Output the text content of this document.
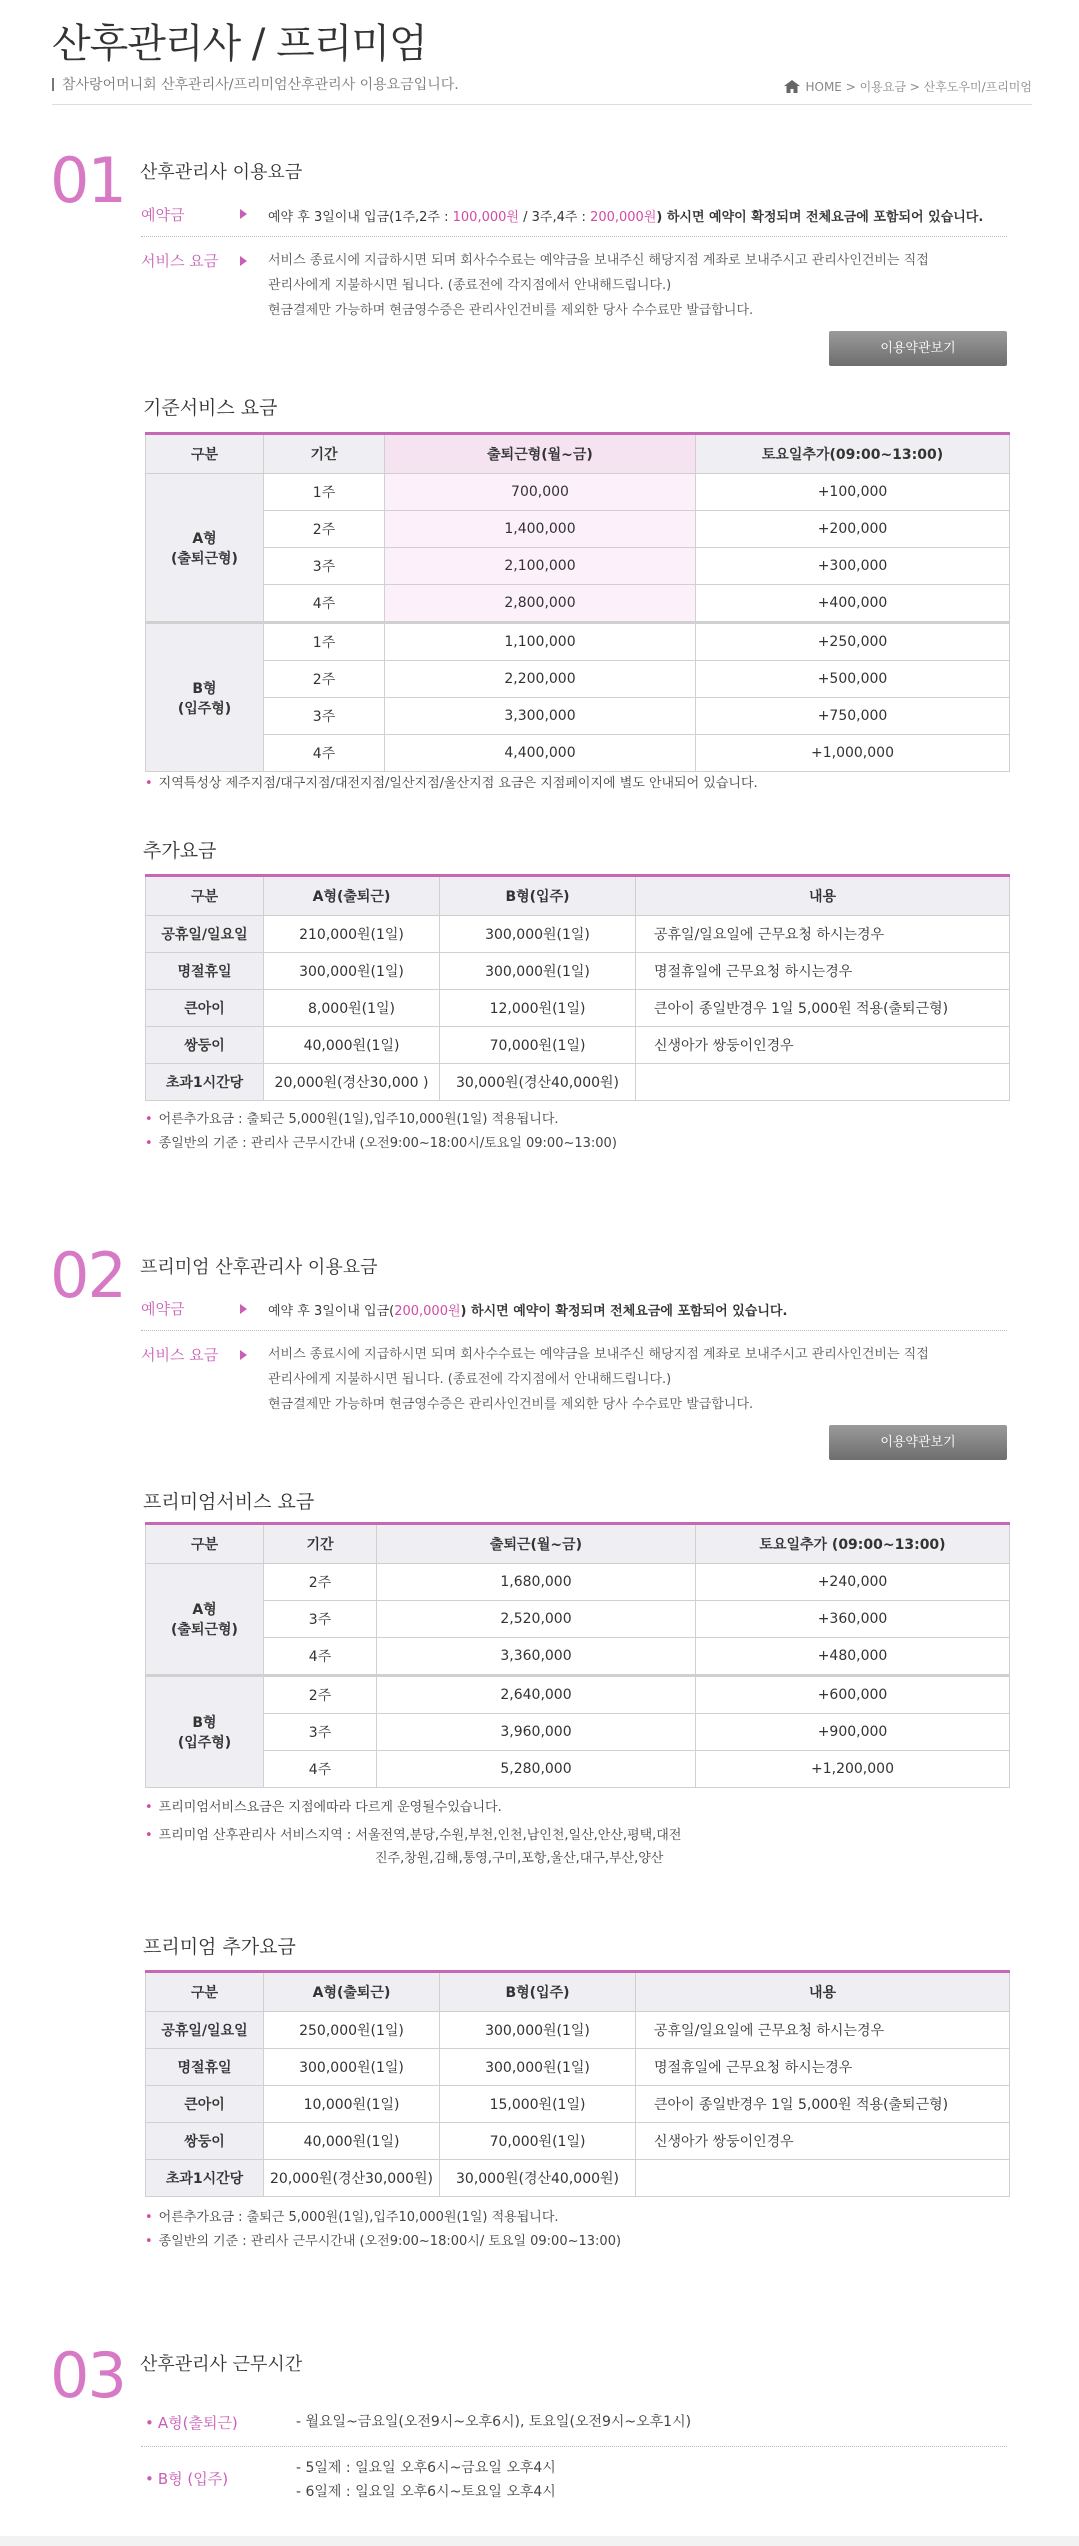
산후관리사 / 프리미엄
참사랑어머니회 산후관리사/프리미엄산후관리사 이용요금입니다.	HOME > 이용요금 > 산후도우미/프리미엄
01 산후관리사 이용요금
예약금	예약 후 3일이내 입금(1주,2주 : 100,000원 / 3주,4주 : 200,000원) 하시면 예약이 확정되며 전체요금에 포함되어 있습니다.
서비스 요금	서비스 종료시에 지급하시면 되며 회사수수료는 예약금을 보내주신 해당지점 계좌로 보내주시고 관리사인건비는 직접
관리사에게 지불하시면 됩니다. (종료전에 각지점에서 안내해드립니다.)
현금결제만 가능하며 현금영수증은 관리사인건비를 제외한 당사 수수료만 발급합니다.
이용약관보기
기준서비스 요금
구분	기간	출퇴근형(월~금)	토요일추가(09:00~13:00)

A형
(출퇴근형)	1주	700,000	+100,000
	2주	1,400,000	+200,000
	3주	2,100,000	+300,000
	4주	2,800,000	+400,000

B형
(입주형)	1주	1,100,000	+250,000
	2주	2,200,000	+500,000
	3주	3,300,000	+750,000
	4주	4,400,000	+1,000,000
• 지역특성상 제주지점/대구지점/대전지점/일산지점/울산지점 요금은 지점페이지에 별도 안내되어 있습니다.
추가요금
구분	A형(출퇴근)	B형(입주)	내용
공휴일/일요일	210,000원(1일)	300,000원(1일)	공휴일/일요일에 근무요청 하시는경우
명절휴일	300,000원(1일)	300,000원(1일)	명절휴일에 근무요청 하시는경우
큰아이	8,000원(1일)	12,000원(1일)	큰아이 종일반경우 1일 5,000원 적용(출퇴근형)
쌍둥이	40,000원(1일)	70,000원(1일)	신생아가 쌍둥이인경우
초과1시간당	20,000원(경산30,000 )	30,000원(경산40,000원)	
• 어른추가요금 : 출퇴근 5,000원(1일),입주10,000원(1일) 적용됩니다.
• 종일반의 기준 : 관리사 근무시간내 (오전9:00~18:00시/토요일 09:00~13:00)
02 프리미엄 산후관리사 이용요금
예약금	예약 후 3일이내 입금(200,000원) 하시면 예약이 확정되며 전체요금에 포함되어 있습니다.
서비스 요금	서비스 종료시에 지급하시면 되며 회사수수료는 예약금을 보내주신 해당지점 계좌로 보내주시고 관리사인건비는 직접
관리사에게 지불하시면 됩니다. (종료전에 각지점에서 안내해드립니다.)
현금결제만 가능하며 현금영수증은 관리사인건비를 제외한 당사 수수료만 발급합니다.
이용약관보기
프리미엄서비스 요금
구분	기간	출퇴근(월~금)	토요일추가 (09:00~13:00)

A형
(출퇴근형)	2주	1,680,000	+240,000
	3주	2,520,000	+360,000
	4주	3,360,000	+480,000

B형
(입주형)	2주	2,640,000	+600,000
	3주	3,960,000	+900,000
	4주	5,280,000	+1,200,000
• 프리미엄서비스요금은 지점에따라 다르게 운영될수있습니다.
• 프리미엄 산후관리사 서비스지역 : 서울전역,분당,수원,부천,인천,남인천,일산,안산,평택,대전
진주,창원,김해,통영,구미,포항,울산,대구,부산,양산
프리미엄 추가요금
구분	A형(출퇴근)	B형(입주)	내용
공휴일/일요일	250,000원(1일)	300,000원(1일)	공휴일/일요일에 근무요청 하시는경우
명절휴일	300,000원(1일)	300,000원(1일)	명절휴일에 근무요청 하시는경우
큰아이	10,000원(1일)	15,000원(1일)	큰아이 종일반경우 1일 5,000원 적용(출퇴근형)
쌍둥이	40,000원(1일)	70,000원(1일)	신생아가 쌍둥이인경우
초과1시간당	20,000원(경산30,000원)	30,000원(경산40,000원)	
• 어른추가요금 : 출퇴근 5,000원(1일),입주10,000원(1일) 적용됩니다.
• 종일반의 기준 : 관리사 근무시간내 (오전9:00~18:00시/ 토요일 09:00~13:00)
03 산후관리사 근무시간
• A형(출퇴근)	- 월요일~금요일(오전9시~오후6시), 토요일(오전9시~오후1시)
• B형 (입주)
- 5일제 : 일요일 오후6시~금요일 오후4시
- 6일제 : 일요일 오후6시~토요일 오후4시
